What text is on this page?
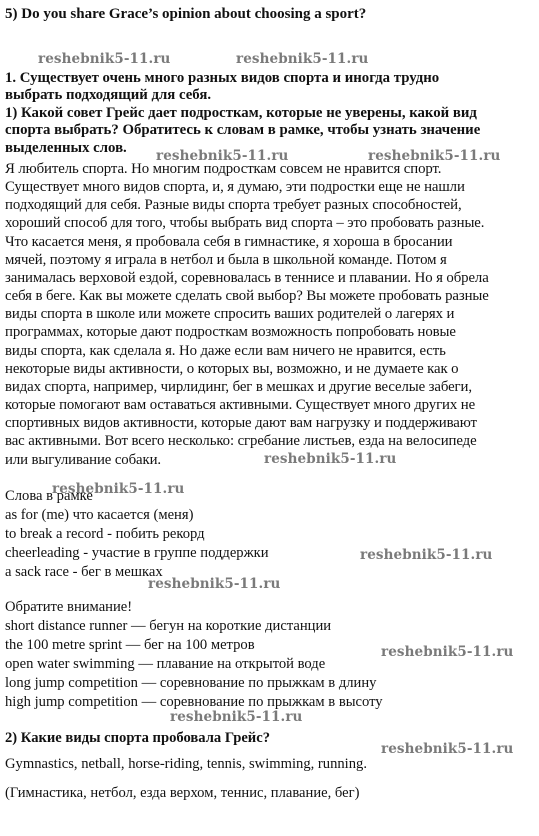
5) Do you share Grace’s opinion about choosing a sport?
1. Существует очень много разных видов спорта и иногда трудно
выбрать подходящий для себя.
1) Какой совет Грейс дает подросткам, которые не уверены, какой вид
спорта выбрать? Обратитесь к словам в рамке, чтобы узнать значение
выделенных слов.
Я любитель спорта. Но многим подросткам совсем не нравится спорт.
Существует много видов спорта, и, я думаю, эти подростки еще не нашли
подходящий для себя. Разные виды спорта требует разных способностей,
хороший способ для того, чтобы выбрать вид спорта – это пробовать разные.
Что касается меня, я пробовала себя в гимнастике, я хороша в бросании
мячей, поэтому я играла в нетбол и была в школьной команде. Потом я
занималась верховой ездой, соревновалась в теннисе и плавании. Но я обрела
себя в беге. Как вы можете сделать свой выбор? Вы можете пробовать разные
виды спорта в школе или можете спросить ваших родителей о лагерях и
программах, которые дают подросткам возможность попробовать новые
виды спорта, как сделала я. Но даже если вам ничего не нравится, есть
некоторые виды активности, о которых вы, возможно, и не думаете как о
видах спорта, например, чирлидинг, бег в мешках и другие веселые забеги,
которые помогают вам оставаться активными. Существует много других не
спортивных видов активности, которые дают вам нагрузку и поддерживают
вас активными. Вот всего несколько: сгребание листьев, езда на велосипеде
или выгуливание собаки.
Слова в рамке
as for (me) что касается (меня)
to break a record - побить рекорд
cheerleading - участие в группе поддержки
a sack race - бег в мешках
Обратите внимание!
short distance runner — бегун на короткие дистанции
the 100 metre sprint — бег на 100 метров
open water swimming — плавание на открытой воде
long jump competition — соревнование по прыжкам в длину
high jump competition — соревнование по прыжкам в высоту
2) Какие виды спорта пробовала Грейс?
Gymnastics, netball, horse-riding, tennis, swimming, running.
(Гимнастика, нетбол, езда верхом, теннис, плавание, бег)
reshebnik5-11.ru	reshebnik5-11.ru
reshebnik5-11.ru	reshebnik5-11.ru
reshebnik5-11.ru
reshebnik5-11.ru
reshebnik5-11.ru
reshebnik5-11.ru
reshebnik5-11.ru
reshebnik5-11.ru
reshebnik5-11.ru
